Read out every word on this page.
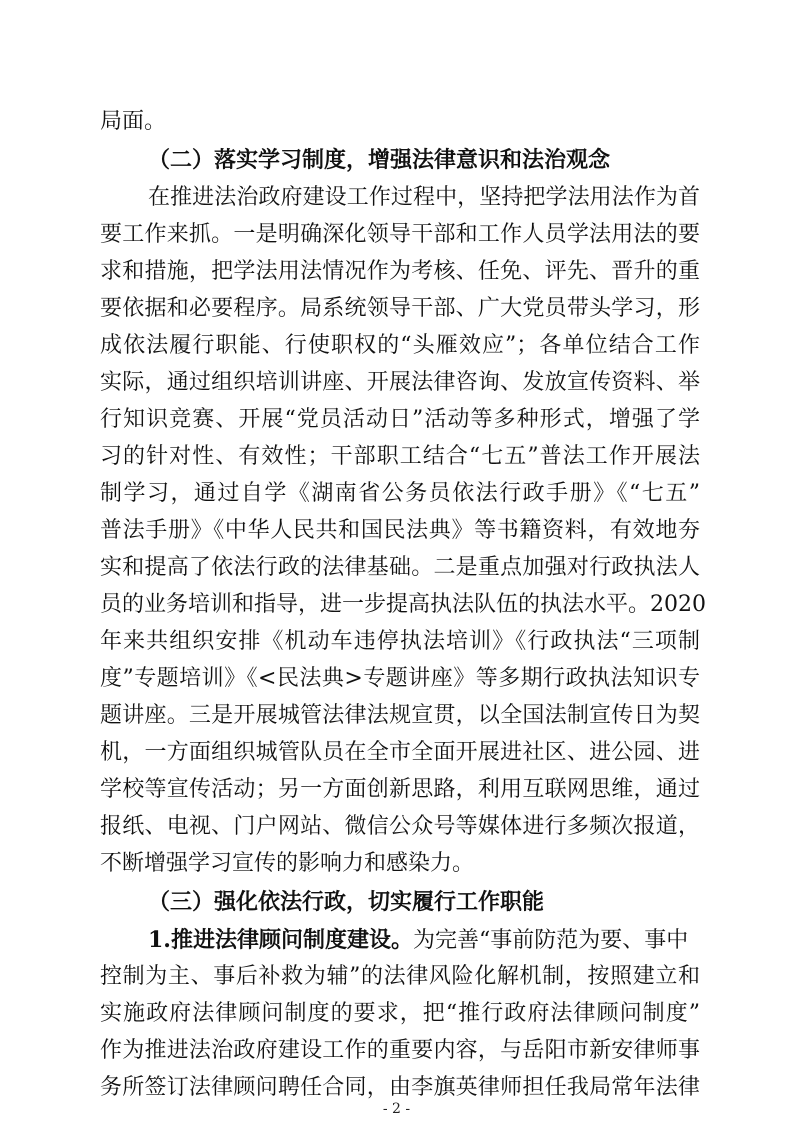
局面。
（二）落实学习制度，增强法律意识和法治观念
在推进法治政府建设工作过程中，坚持把学法用法作为首
要工作来抓。一是明确深化领导干部和工作人员学法用法的要
求和措施，把学法用法情况作为考核、任免、评先、晋升的重
要依据和必要程序。局系统领导干部、广大党员带头学习，形
成依法履行职能、行使职权的“头雁效应”；各单位结合工作
实际，通过组织培训讲座、开展法律咨询、发放宣传资料、举
行知识竞赛、开展“党员活动日”活动等多种形式，增强了学
习的针对性、有效性；干部职工结合“七五”普法工作开展法
制学习，通过自学《湖南省公务员依法行政手册》《“七五”
普法手册》《中华人民共和国民法典》等书籍资料，有效地夯
实和提高了依法行政的法律基础。二是重点加强对行政执法人
员的业务培训和指导，进一步提高执法队伍的执法水平。2020
年来共组织安排《机动车违停执法培训》《行政执法“三项制
度”专题培训》《<民法典>专题讲座》等多期行政执法知识专
题讲座。三是开展城管法律法规宣贯，以全国法制宣传日为契
机，一方面组织城管队员在全市全面开展进社区、进公园、进
学校等宣传活动；另一方面创新思路，利用互联网思维，通过
报纸、电视、门户网站、微信公众号等媒体进行多频次报道，
不断增强学习宣传的影响力和感染力。
（三）强化依法行政，切实履行工作职能
1.推进法律顾问制度建设。为完善“事前防范为要、事中
控制为主、事后补救为辅”的法律风险化解机制，按照建立和
实施政府法律顾问制度的要求，把“推行政府法律顾问制度”
作为推进法治政府建设工作的重要内容，与岳阳市新安律师事
务所签订法律顾问聘任合同，由李旗英律师担任我局常年法律
- 2 -
